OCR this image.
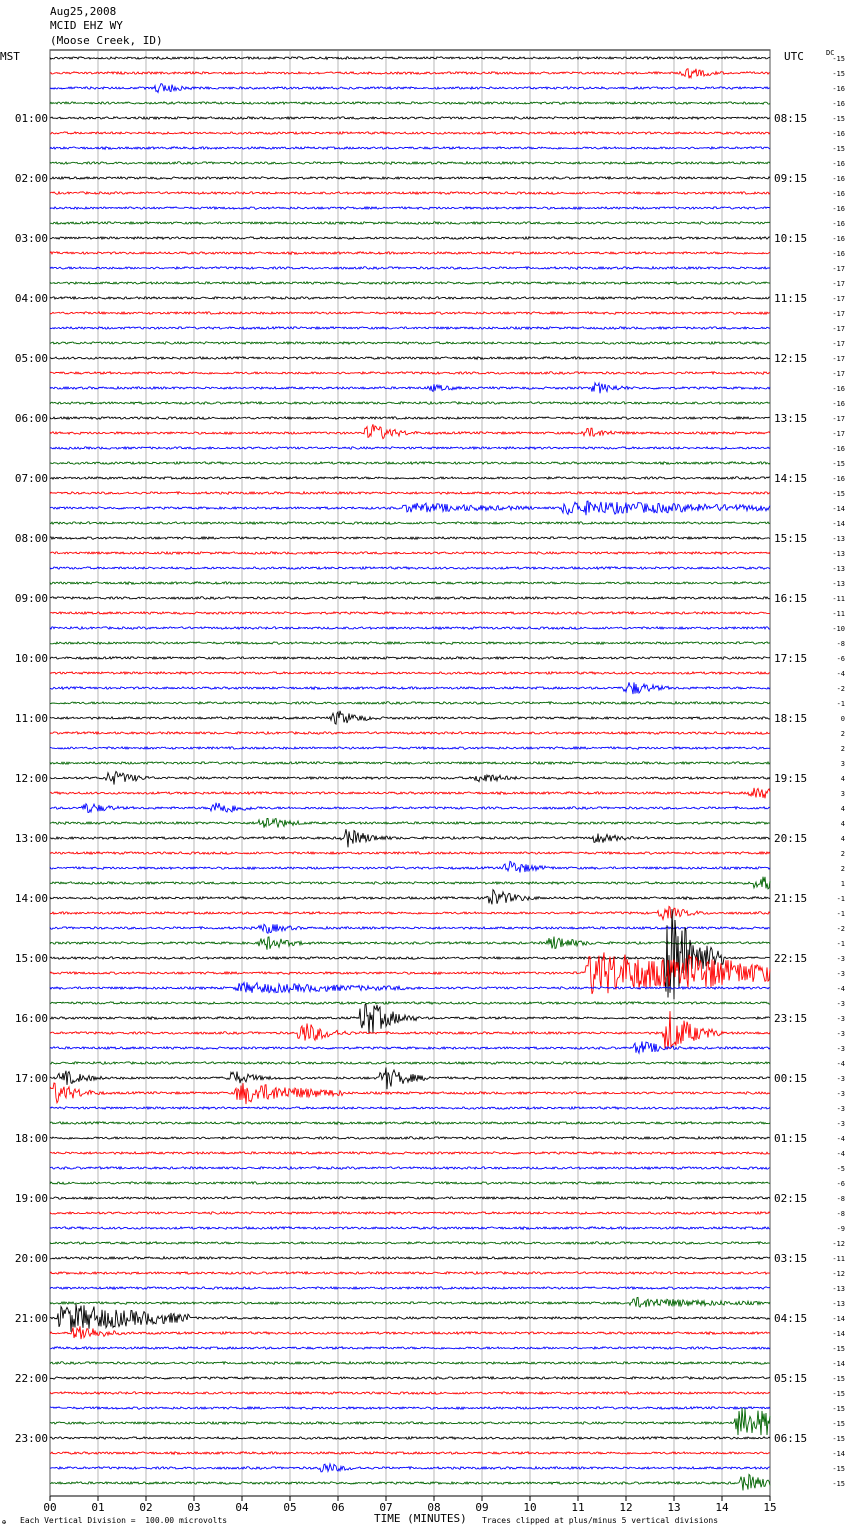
Aug25,2008
MCID EHZ WY
(Moose Creek, ID)
MST	UTC	DC
00	01	02	03	04	05	06	07	08	09	10	11	12	13	14	15
-15
-15
-16
-16
-15
01:00	08:15
-16
-15
-16
-16
02:00	09:15
-16
-16
-16
-16
03:00	10:15
-16
-17
-17
-17
04:00	11:15
-17
-17
-17
-17
05:00	12:15
-17
-16
-16
-17
06:00	13:15
-17
-16
-15
-16
07:00	14:15
-15
-14
-14
-13
08:00	15:15
-13
-13
-13
-11
09:00	16:15
-11
-10
-8
-6
10:00	17:15
-4
-2
-1
0
11:00	18:15
2
2
3
4
12:00	19:15
3
4
4
4
13:00	20:15
2
2
1
-1
14:00	21:15
-1
-2
-1
-3
15:00	22:15
-3
-4
-3
-3
16:00	23:15
-3
-3
-4
-3
17:00	00:15
-3
-3
-3
-4
18:00	01:15
-4
-5
-6
-8
19:00	02:15
-8
-9
-12
-11
20:00	03:15
-12
-13
-13
-14
21:00	04:15
-14
-15
-14
-15
22:00	05:15
-15
-15
-15
-15
23:00	06:15
-14
-15
-15
TIME (MINUTES)
✠ Each Vertical Division =  100.00 microvolts	Traces clipped at plus/minus 5 vertical divisions
